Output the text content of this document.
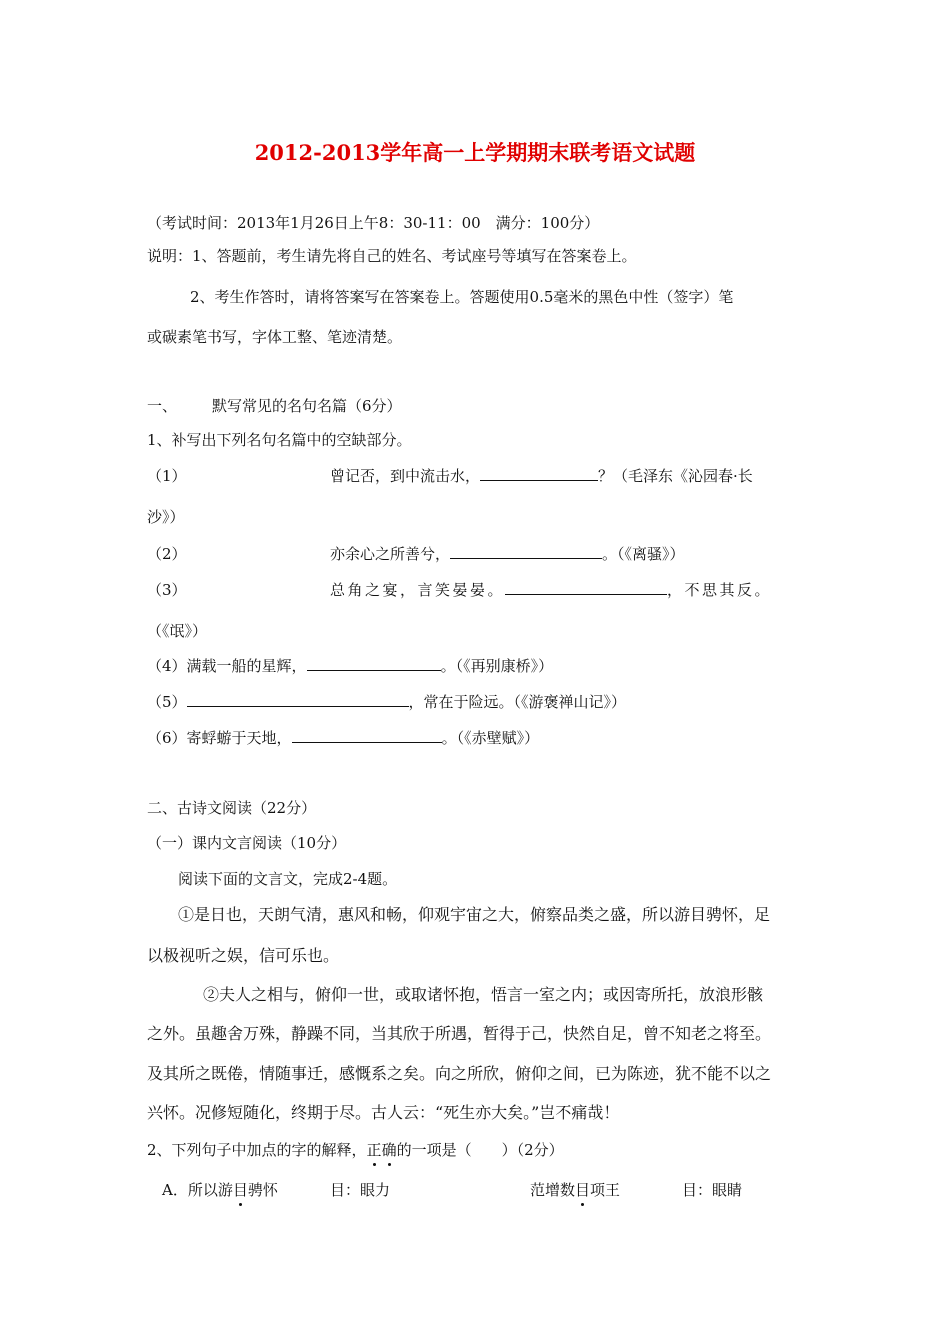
2012-2013学年高一上学期期末联考语文试题
（考试时间：2013年1月26日上午8：30-11：00　满分：100分）
说明：1、答题前，考生请先将自己的姓名、考试座号等填写在答案卷上。
2、考生作答时，请将答案写在答案卷上。答题使用0.5毫米的黑色中性（签字）笔
或碳素笔书写，字体工整、笔迹清楚。
一、 默写常见的名句名篇（6分）
1、补写出下列名句名篇中的空缺部分。
（1）	曾记否，到中流击水，	？（毛泽东《沁园春·长
沙》）
（2）	亦余心之所善兮，	。（《离骚》）
（3）	总角之宴，言笑晏晏。	，不思其反。
（《氓》）
（4）满载一船的星辉，	。（《再别康桥》）
（5）	，常在于险远。（《游褒禅山记》）
（6）寄蜉蝣于天地，	。（《赤壁赋》）
二、古诗文阅读（22分）
（一）课内文言阅读（10分）
阅读下面的文言文，完成2-4题。
①是日也，天朗气清，惠风和畅，仰观宇宙之大，俯察品类之盛，所以游目骋怀，足
以极视听之娱，信可乐也。
②夫人之相与，俯仰一世，或取诸怀抱，悟言一室之内；或因寄所托，放浪形骸
之外。虽趣舍万殊，静躁不同，当其欣于所遇，暂得于己，快然自足，曾不知老之将至。
及其所之既倦，情随事迁，感慨系之矣。向之所欣，俯仰之间，已为陈迹，犹不能不以之
兴怀。况修短随化，终期于尽。古人云：“死生亦大矣。”岂不痛哉！
2、下列句子中加点的字的解释，正确的一项是（　　）（2分）
A．所以游目骋怀	目：眼力	范增数目项王	目：眼睛
